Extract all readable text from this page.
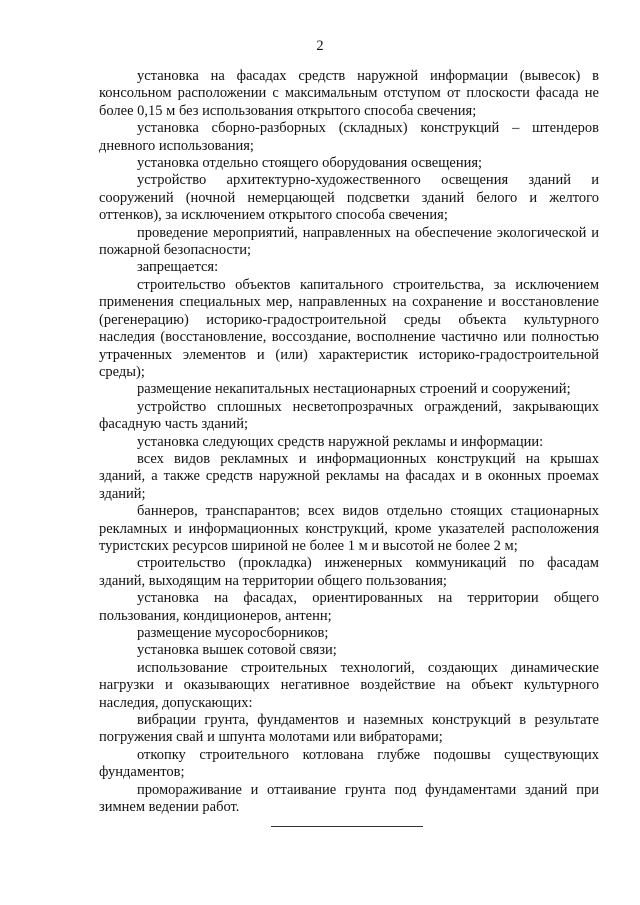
2

установка на фасадах средств наружной информации (вывесок) в консольном расположении с максимальным отступом от плоскости фасада не более 0,15 м без использования открытого способа свечения;

установка сборно-разборных (складных) конструкций – штендеров дневного использования;

установка отдельно стоящего оборудования освещения;

устройство архитектурно-художественного освещения зданий и сооружений (ночной немерцающей подсветки зданий белого и желтого оттенков), за исключением открытого способа свечения;

проведение мероприятий, направленных на обеспечение экологической и пожарной безопасности;

запрещается:

строительство объектов капитального строительства, за исключением применения специальных мер, направленных на сохранение и восстановление (регенерацию) историко-градостроительной среды объекта культурного наследия (восстановление, воссоздание, восполнение частично или полностью утраченных элементов и (или) характеристик историко-градостроительной среды);

размещение некапитальных нестационарных строений и сооружений;

устройство сплошных несветопрозрачных ограждений, закрывающих фасадную часть зданий;

установка следующих средств наружной рекламы и информации:

всех видов рекламных и информационных конструкций на крышах зданий, а также средств наружной рекламы на фасадах и в оконных проемах зданий;

баннеров, транспарантов; всех видов отдельно стоящих стационарных рекламных и информационных конструкций, кроме указателей расположения туристских ресурсов шириной не более 1 м и высотой не более 2 м;

строительство (прокладка) инженерных коммуникаций по фасадам зданий, выходящим на территории общего пользования;

установка на фасадах, ориентированных на территории общего пользования, кондиционеров, антенн;

размещение мусоросборников;

установка вышек сотовой связи;

использование строительных технологий, создающих динамические нагрузки и оказывающих негативное воздействие на объект культурного наследия, допускающих:

вибрации грунта, фундаментов и наземных конструкций в результате погружения свай и шпунта молотами или вибраторами;

откопку строительного котлована глубже подошвы существующих фундаментов;

промораживание и оттаивание грунта под фундаментами зданий при зимнем ведении работ.
